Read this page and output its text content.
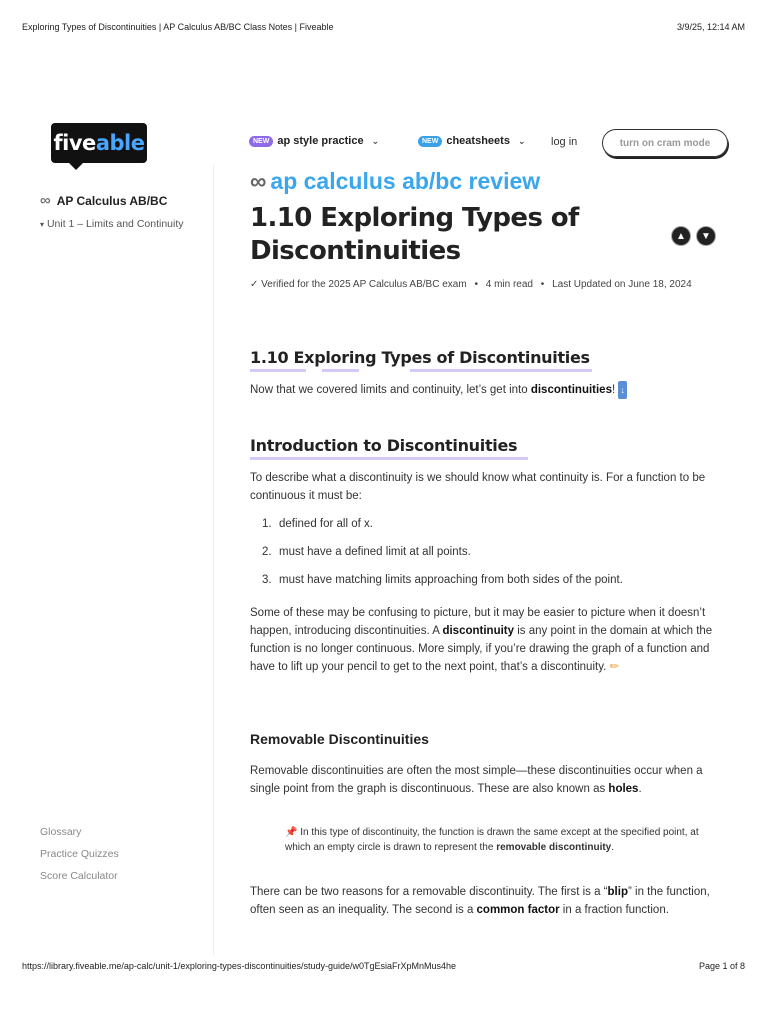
Exploring Types of Discontinuities | AP Calculus AB/BC Class Notes | Fiveable	3/9/25, 12:14 AM
https://library.fiveable.me/ap-calc/unit-1/exploring-types-discontinuities/study-guide/w0TgEsiaFrXpMnMus4he	Page 1 of 8
fiveable	NEW ap style practice ⌄	NEW cheatsheets ⌄ log in	turn on cram mode
∞ AP Calculus AB/BC
▾ Unit 1 – Limits and Continuity
Glossary
Practice Quizzes
Score Calculator
∞ ap calculus ab/bc review
1.10 Exploring Types of Discontinuities	▲	▼
✓ Verified for the 2025 AP Calculus AB/BC exam • 4 min read • Last Updated on June 18, 2024
1.10 Exploring Types of Discontinuities
Now that we covered limits and continuity, let’s get into discontinuities! ↓
Introduction to Discontinuities
To describe what a discontinuity is we should know what continuity is. For a function to be continuous it must be:
1. defined for all of x.
2. must have a defined limit at all points.
3. must have matching limits approaching from both sides of the point.
Some of these may be confusing to picture, but it may be easier to picture when it doesn’t happen, introducing discontinuities. A discontinuity is any point in the domain at which the function is no longer continuous. More simply, if you’re drawing the graph of a function and have to lift up your pencil to get to the next point, that’s a discontinuity. ✏
Removable Discontinuities
Removable discontinuities are often the most simple—these discontinuities occur when a single point from the graph is discontinuous. These are also known as holes.
📌 In this type of discontinuity, the function is drawn the same except at the specified point, at which an empty circle is drawn to represent the removable discontinuity.
There can be two reasons for a removable discontinuity. The first is a “blip” in the function, often seen as an inequality. The second is a common factor in a fraction function.
